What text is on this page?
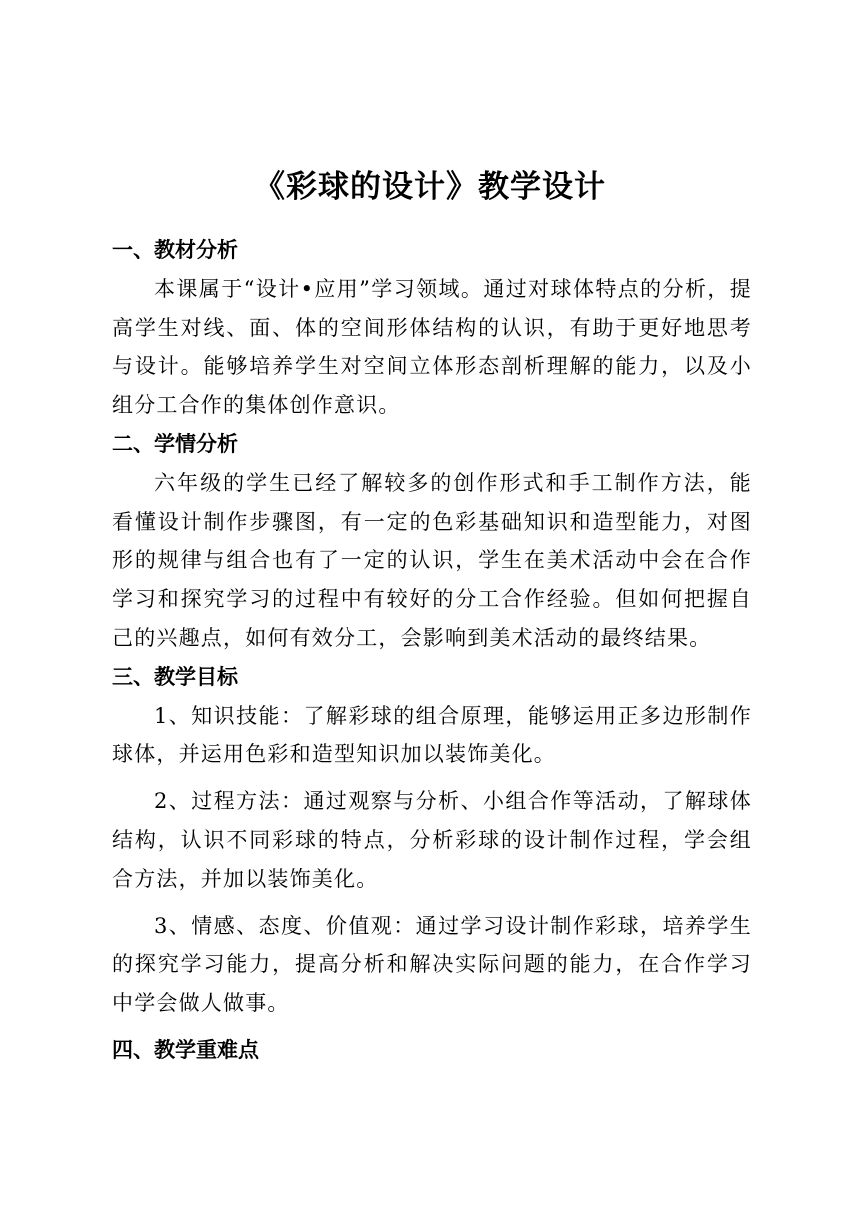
《彩球的设计》教学设计
一、教材分析

本课属于“设计•应用”学习领域。通过对球体特点的分析，提高学生对线、面、体的空间形体结构的认识，有助于更好地思考与设计。能够培养学生对空间立体形态剖析理解的能力，以及小组分工合作的集体创作意识。

二、学情分析

六年级的学生已经了解较多的创作形式和手工制作方法，能看懂设计制作步骤图，有一定的色彩基础知识和造型能力，对图形的规律与组合也有了一定的认识，学生在美术活动中会在合作学习和探究学习的过程中有较好的分工合作经验。但如何把握自己的兴趣点，如何有效分工，会影响到美术活动的最终结果。

三、教学目标

1、知识技能：了解彩球的组合原理，能够运用正多边形制作球体，并运用色彩和造型知识加以装饰美化。

2、过程方法：通过观察与分析、小组合作等活动，了解球体结构，认识不同彩球的特点，分析彩球的设计制作过程，学会组合方法，并加以装饰美化。

3、情感、态度、价值观：通过学习设计制作彩球，培养学生的探究学习能力，提高分析和解决实际问题的能力，在合作学习中学会做人做事。

四、教学重难点
